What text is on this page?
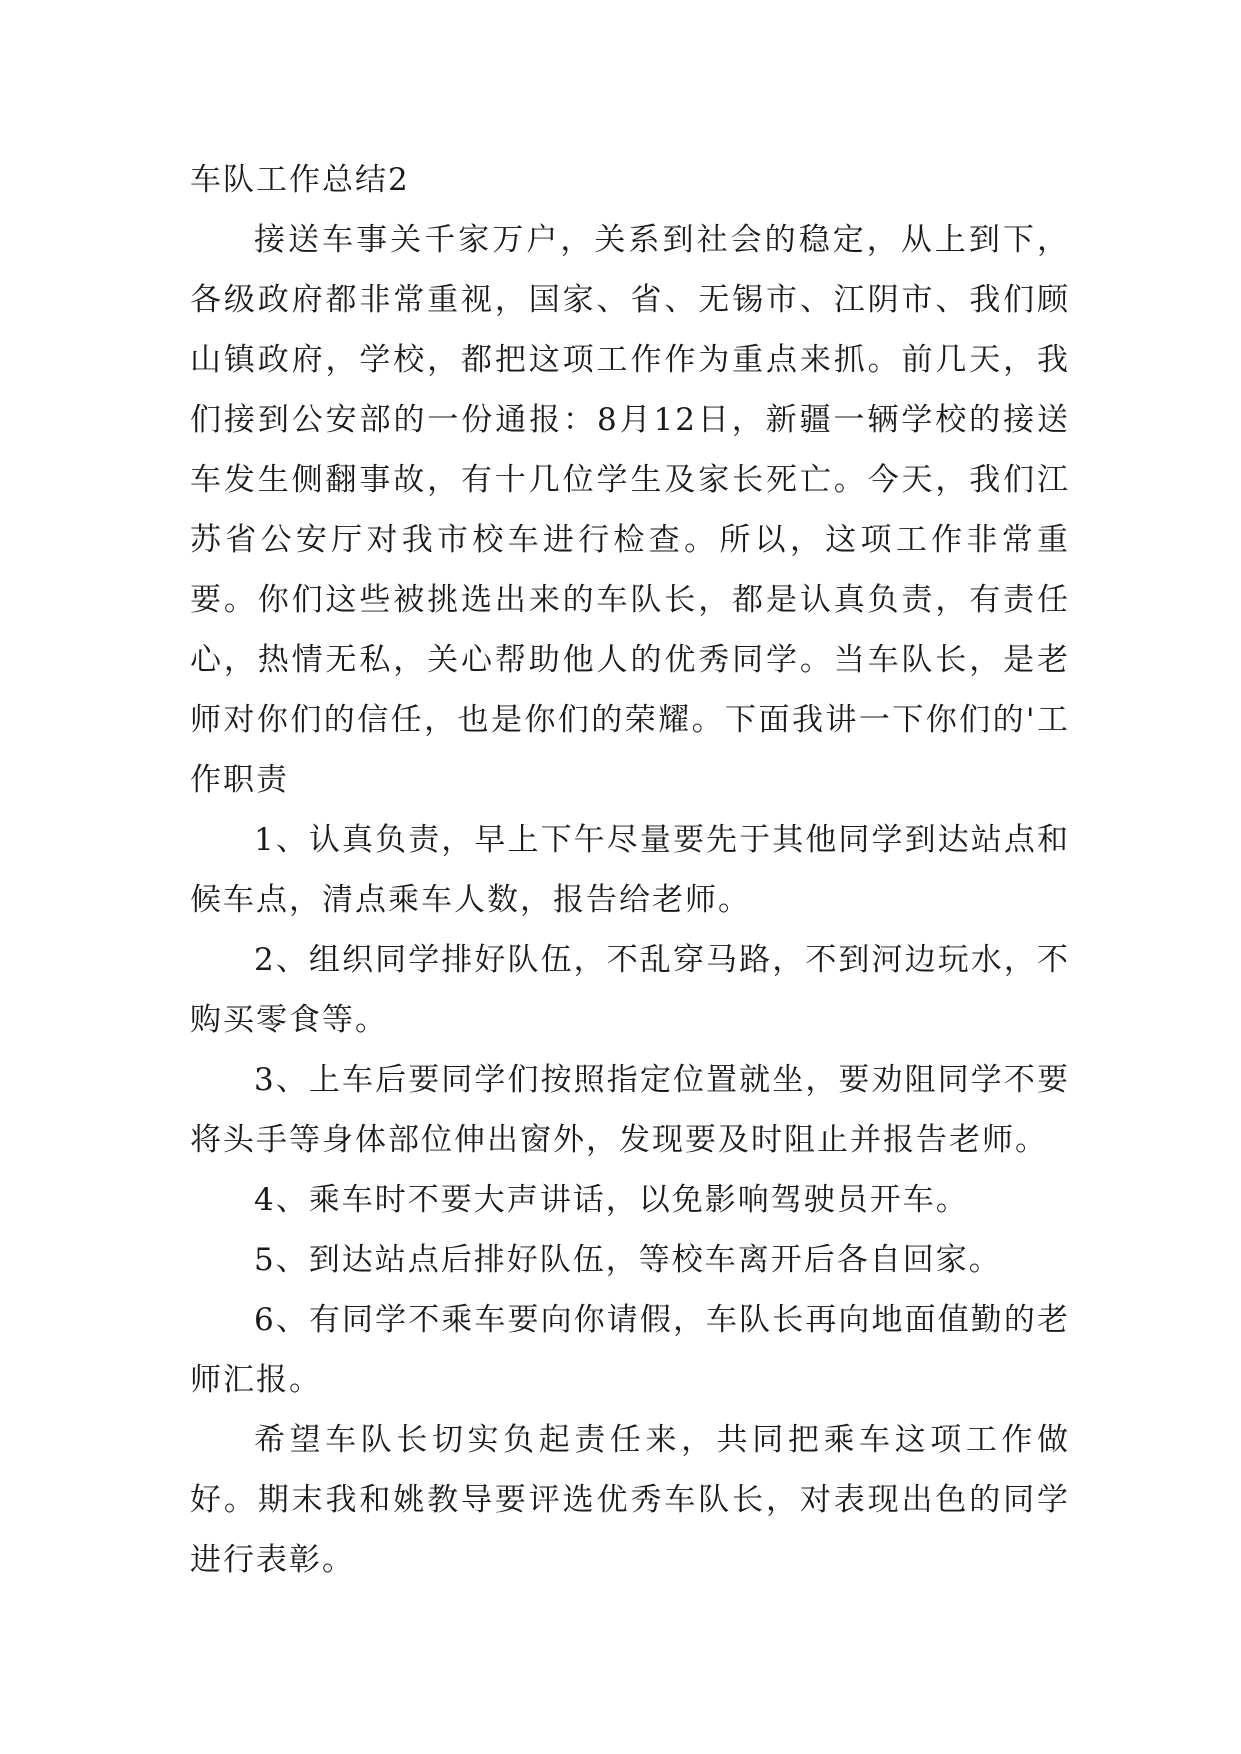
车队工作总结2

接送车事关千家万户，关系到社会的稳定，从上到下，各级政府都非常重视，国家、省、无锡市、江阴市、我们顾山镇政府，学校，都把这项工作作为重点来抓。前几天，我们接到公安部的一份通报：8月12日，新疆一辆学校的接送车发生侧翻事故，有十几位学生及家长死亡。今天，我们江苏省公安厅对我市校车进行检查。所以，这项工作非常重要。你们这些被挑选出来的车队长，都是认真负责，有责任心，热情无私，关心帮助他人的优秀同学。当车队长，是老师对你们的信任，也是你们的荣耀。下面我讲一下你们的'工作职责

1、认真负责，早上下午尽量要先于其他同学到达站点和候车点，清点乘车人数，报告给老师。

2、组织同学排好队伍，不乱穿马路，不到河边玩水，不购买零食等。

3、上车后要同学们按照指定位置就坐，要劝阻同学不要将头手等身体部位伸出窗外，发现要及时阻止并报告老师。

4、乘车时不要大声讲话，以免影响驾驶员开车。

5、到达站点后排好队伍，等校车离开后各自回家。

6、有同学不乘车要向你请假，车队长再向地面值勤的老师汇报。

希望车队长切实负起责任来，共同把乘车这项工作做好。期末我和姚教导要评选优秀车队长，对表现出色的同学进行表彰。
